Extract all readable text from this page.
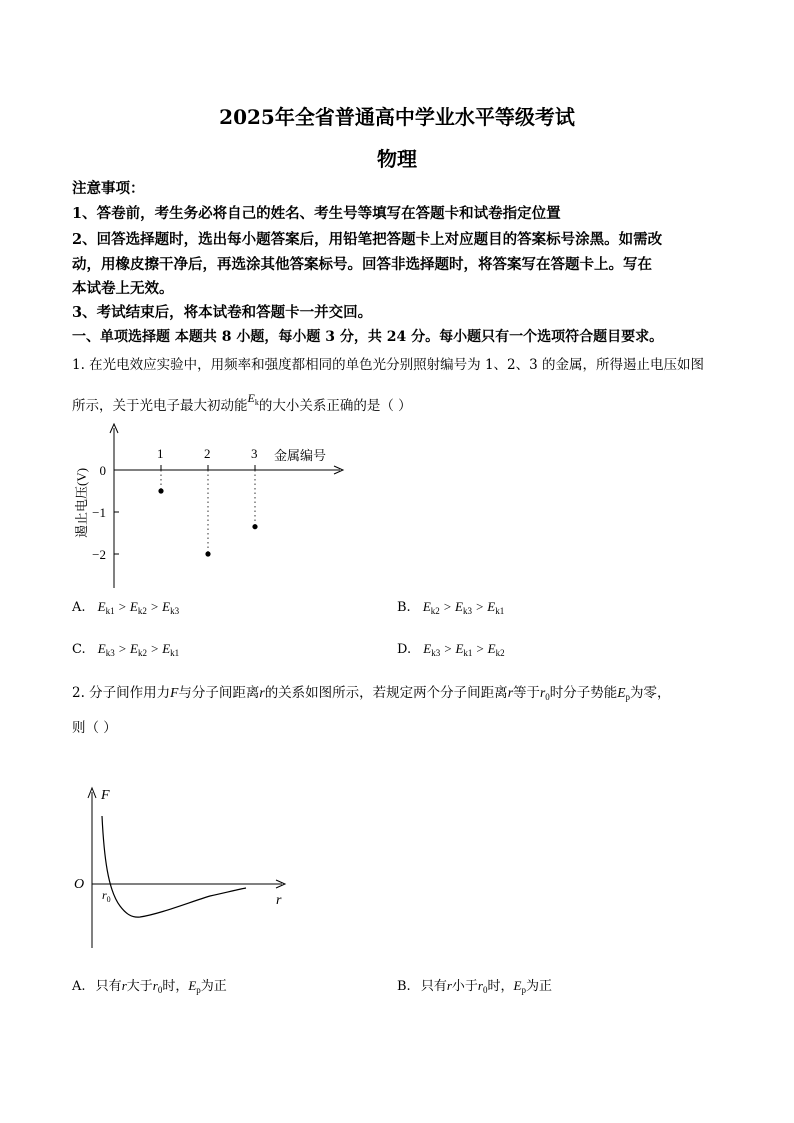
2025年全省普通高中学业水平等级考试
物理
注意事项：
1、答卷前，考生务必将自己的姓名、考生号等填写在答题卡和试卷指定位置
2、回答选择题时，选出每小题答案后，用铅笔把答题卡上对应题目的答案标号涂黑。如需改
动，用橡皮擦干净后，再选涂其他答案标号。回答非选择题时，将答案写在答题卡上。写在
本试卷上无效。
3、考试结束后，将本试卷和答题卡一并交回。
一、单项选择题 本题共 8 小题，每小题 3 分，共 24 分。每小题只有一个选项符合题目要求。
1. 在光电效应实验中，用频率和强度都相同的单色光分别照射编号为 1、2、3 的金属，所得遏止电压如图
所示，关于光电子最大初动能$E_k$的大小关系正确的是（ ）
1	2	3
0
−1
−2
金属编号
遏止电压(V)
A. $E_{k1} > E_{k2} > E_{k3}$	B. $E_{k2} > E_{k3} > E_{k1}$
C. $E_{k3} > E_{k2} > E_{k1}$	D. $E_{k3} > E_{k1} > E_{k2}$
2. 分子间作用力F与分子间距离r的关系如图所示，若规定两个分子间距离r等于$r_0$时分子势能$E_p$为零，
则（ ）
F
O
r
$r_0$
A. 只有r大于$r_0$时，$E_p$为正	B. 只有r小于$r_0$时，$E_p$为正
